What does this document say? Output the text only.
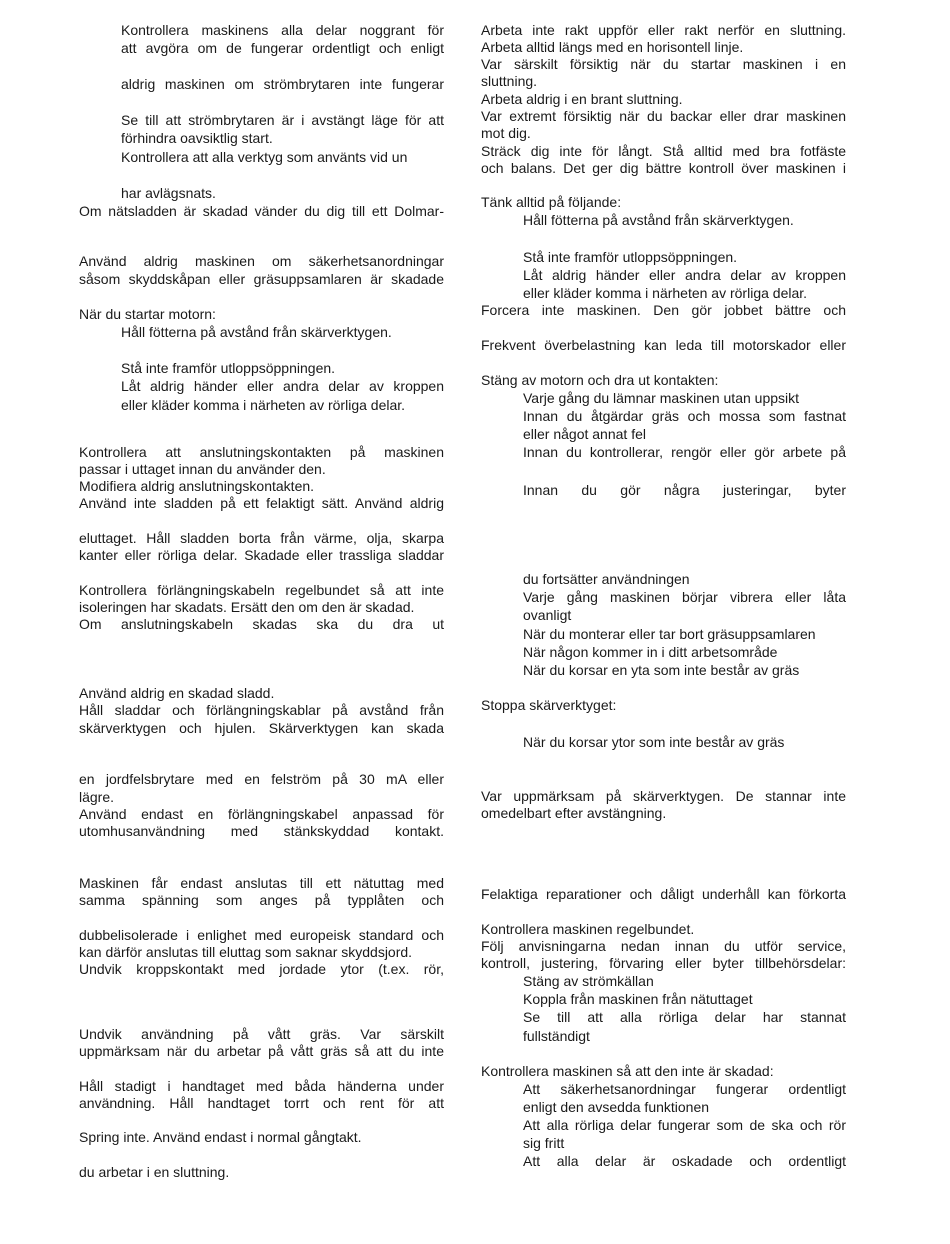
Kontrollera maskinens alla delar noggrant för
att avgöra om de fungerar ordentligt och enligt
aldrig maskinen om strömbrytaren inte fungerar
Se till att strömbrytaren är i avstängt läge för att
förhindra oavsiktlig start.
Kontrollera att alla verktyg som använts vid un
har avlägsnats.
Om nätsladden är skadad vänder du dig till ett Dolmar-
Använd aldrig maskinen om säkerhetsanordningar
såsom skyddskåpan eller gräsuppsamlaren är skadade
När du startar motorn:
Håll fötterna på avstånd från skärverktygen.
Stå inte framför utloppsöppningen.
Låt aldrig händer eller andra delar av kroppen
eller kläder komma i närheten av rörliga delar.
Kontrollera att anslutningskontakten på maskinen
passar i uttaget innan du använder den.
Modifiera aldrig anslutningskontakten.
Använd inte sladden på ett felaktigt sätt. Använd aldrig
eluttaget. Håll sladden borta från värme, olja, skarpa
kanter eller rörliga delar. Skadade eller trassliga sladdar
Kontrollera förlängningskabeln regelbundet så att inte
isoleringen har skadats. Ersätt den om den är skadad.
Om anslutningskabeln skadas ska du dra ut
Använd aldrig en skadad sladd.
Håll sladdar och förlängningskablar på avstånd från
skärverktygen och hjulen. Skärverktygen kan skada
en jordfelsbrytare med en felström på 30 mA eller
lägre.
Använd endast en förlängningskabel anpassad för
utomhusanvändning med stänkskyddad kontakt.
Maskinen får endast anslutas till ett nätuttag med
samma spänning som anges på typplåten och
dubbelisolerade i enlighet med europeisk standard och
kan därför anslutas till eluttag som saknar skyddsjord.
Undvik kroppskontakt med jordade ytor (t.ex. rör,
Undvik användning på vått gräs. Var särskilt
uppmärksam när du arbetar på vått gräs så att du inte
Håll stadigt i handtaget med båda händerna under
användning. Håll handtaget torrt och rent för att
Spring inte. Använd endast i normal gångtakt.
du arbetar i en sluttning.
Arbeta inte rakt uppför eller rakt nerför en sluttning.
Arbeta alltid längs med en horisontell linje.
Var särskilt försiktig när du startar maskinen i en
sluttning.
Arbeta aldrig i en brant sluttning.
Var extremt försiktig när du backar eller drar maskinen
mot dig.
Sträck dig inte för långt. Stå alltid med bra fotfäste
och balans. Det ger dig bättre kontroll över maskinen i
Tänk alltid på följande:
Håll fötterna på avstånd från skärverktygen.
Stå inte framför utloppsöppningen.
Låt aldrig händer eller andra delar av kroppen
eller kläder komma i närheten av rörliga delar.
Forcera inte maskinen. Den gör jobbet bättre och
Frekvent överbelastning kan leda till motorskador eller
Stäng av motorn och dra ut kontakten:
Varje gång du lämnar maskinen utan uppsikt
Innan du åtgärdar gräs och mossa som fastnat
eller något annat fel
Innan du kontrollerar, rengör eller gör arbete på
Innan du gör några justeringar, byter
du fortsätter användningen
Varje gång maskinen börjar vibrera eller låta
ovanligt
När du monterar eller tar bort gräsuppsamlaren
När någon kommer in i ditt arbetsområde
När du korsar en yta som inte består av gräs
Stoppa skärverktyget:
När du korsar ytor som inte består av gräs
Var uppmärksam på skärverktygen. De stannar inte
omedelbart efter avstängning.
Felaktiga reparationer och dåligt underhåll kan förkorta
Kontrollera maskinen regelbundet.
Följ anvisningarna nedan innan du utför service,
kontroll, justering, förvaring eller byter tillbehörsdelar:
Stäng av strömkällan
Koppla från maskinen från nätuttaget
Se till att alla rörliga delar har stannat
fullständigt
Kontrollera maskinen så att den inte är skadad:
Att säkerhetsanordningar fungerar ordentligt
enligt den avsedda funktionen
Att alla rörliga delar fungerar som de ska och rör
sig fritt
Att alla delar är oskadade och ordentligt
